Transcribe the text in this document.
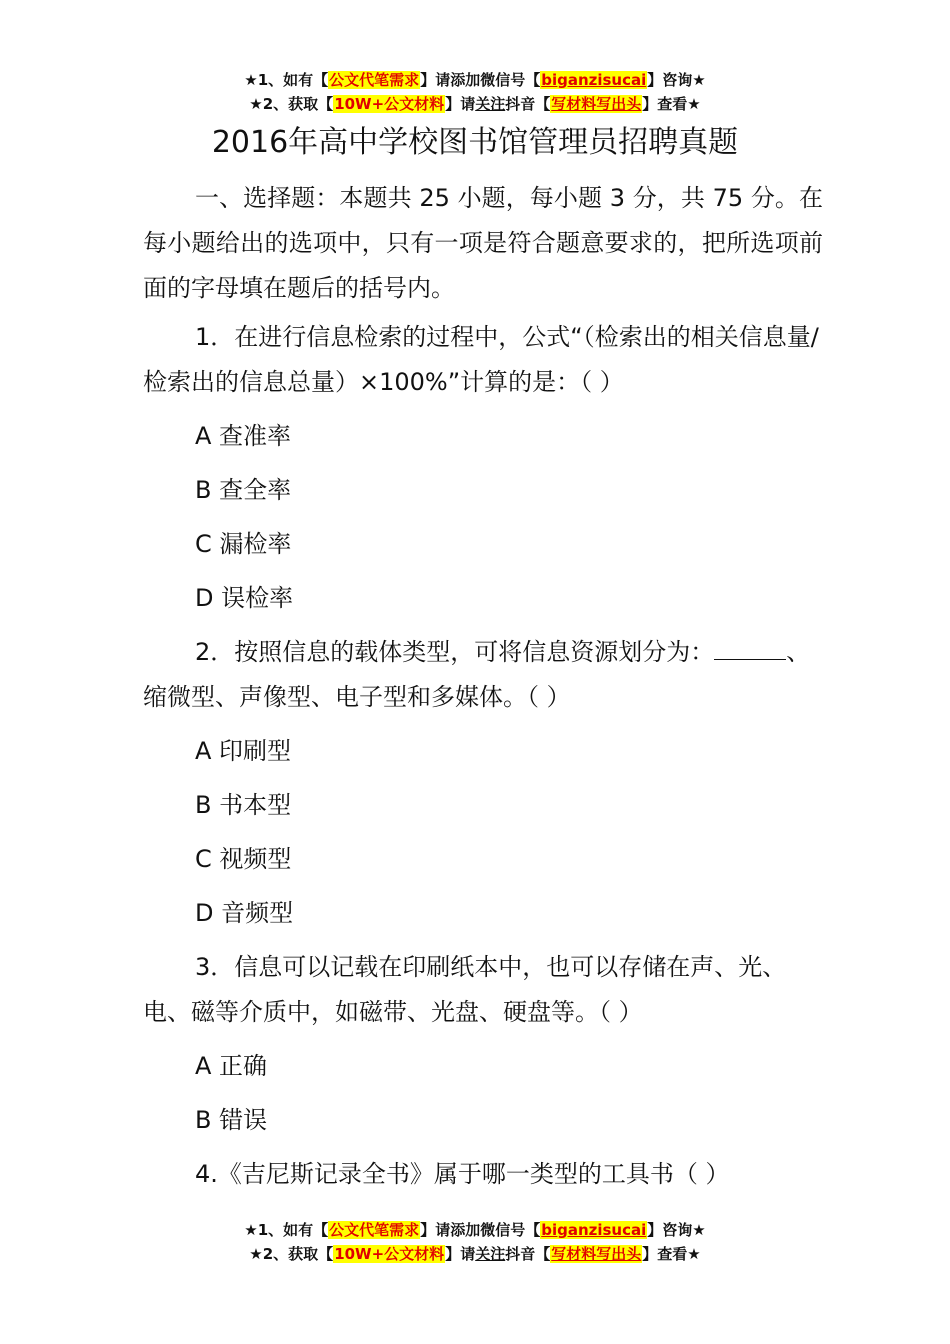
★1、如有【公文代笔需求】请添加微信号【biganzisucai】咨询★
★2、获取【10W+公文材料】请关注抖音【写材料写出头】查看★
2016年高中学校图书馆管理员招聘真题

一、选择题：本题共 25 小题，每小题 3 分，共 75 分。在每小题给出的选项中，只有一项是符合题意要求的，把所选项前面的字母填在题后的括号内。

1．在进行信息检索的过程中，公式“（检索出的相关信息量/检索出的信息总量）×100%”计算的是：（ ）

A 查准率
B 查全率
C 漏检率
D 误检率

2．按照信息的载体类型，可将信息资源划分为：	、缩微型、声像型、电子型和多媒体。（ ）

A 印刷型
B 书本型
C 视频型
D 音频型

3．信息可以记载在印刷纸本中，也可以存储在声、光、电、磁等介质中，如磁带、光盘、硬盘等。（ ）

A 正确
B 错误

4.《吉尼斯记录全书》属于哪一类型的工具书（ ）

★1、如有【公文代笔需求】请添加微信号【biganzisucai】咨询★
★2、获取【10W+公文材料】请关注抖音【写材料写出头】查看★
